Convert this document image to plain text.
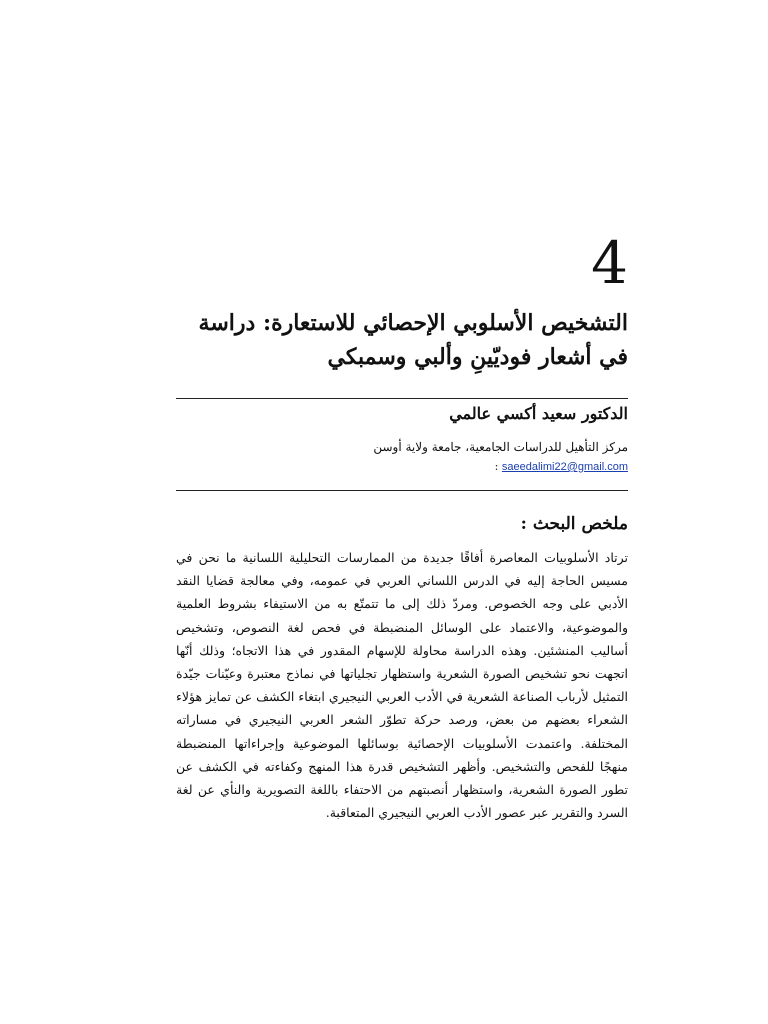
4
التشخيص الأسلوبي الإحصائي للاستعارة: دراسة في أشعار فوديّينِ وألبي وسمبكي
الدكتور سعيد أكسي عالمي
مركز التأهيل للدراسات الجامعية، جامعة ولاية أوسن
saeedalimi22@gmail.com :
ملخص البحث :

ترتاد الأسلوبيات المعاصرة أفاقًا جديدة من الممارسات التحليلية اللسانية ما نحن في مسيس الحاجة إليه في الدرس اللساني العربي في عمومه، وفي معالجة قضايا النقد الأدبي على وجه الخصوص. ومردّ ذلك إلى ما تتمتّع به من الاستيفاء بشروط العلمية والموضوعية، والاعتماد على الوسائل المنضبطة في فحص لغة النصوص، وتشخيص أساليب المنشئين. وهذه الدراسة محاولة للإسهام المقدور في هذا الاتجاه؛ وذلك أنّها اتجهت نحو تشخيص الصورة الشعرية واستظهار تجلياتها في نماذج معتبرة وعيّنات جيّدة التمثيل لأرباب الصناعة الشعرية في الأدب العربي النيجيري ابتغاء الكشف عن تمايز هؤلاء الشعراء بعضهم من بعض، ورصد حركة تطوّر الشعر العربي النيجيري في مساراته المختلفة. واعتمدت الأسلوبيات الإحصائية بوسائلها الموضوعية وإجراءاتها المنضبطة منهجًا للفحص والتشخيص. وأظهر التشخيص قدرة هذا المنهج وكفاءته في الكشف عن تطور الصورة الشعرية، واستظهار أنصبتهم من الاحتفاء باللغة التصويرية والنأي عن لغة السرد والتقرير عبر عصور الأدب العربي النيجيري المتعاقبة.
